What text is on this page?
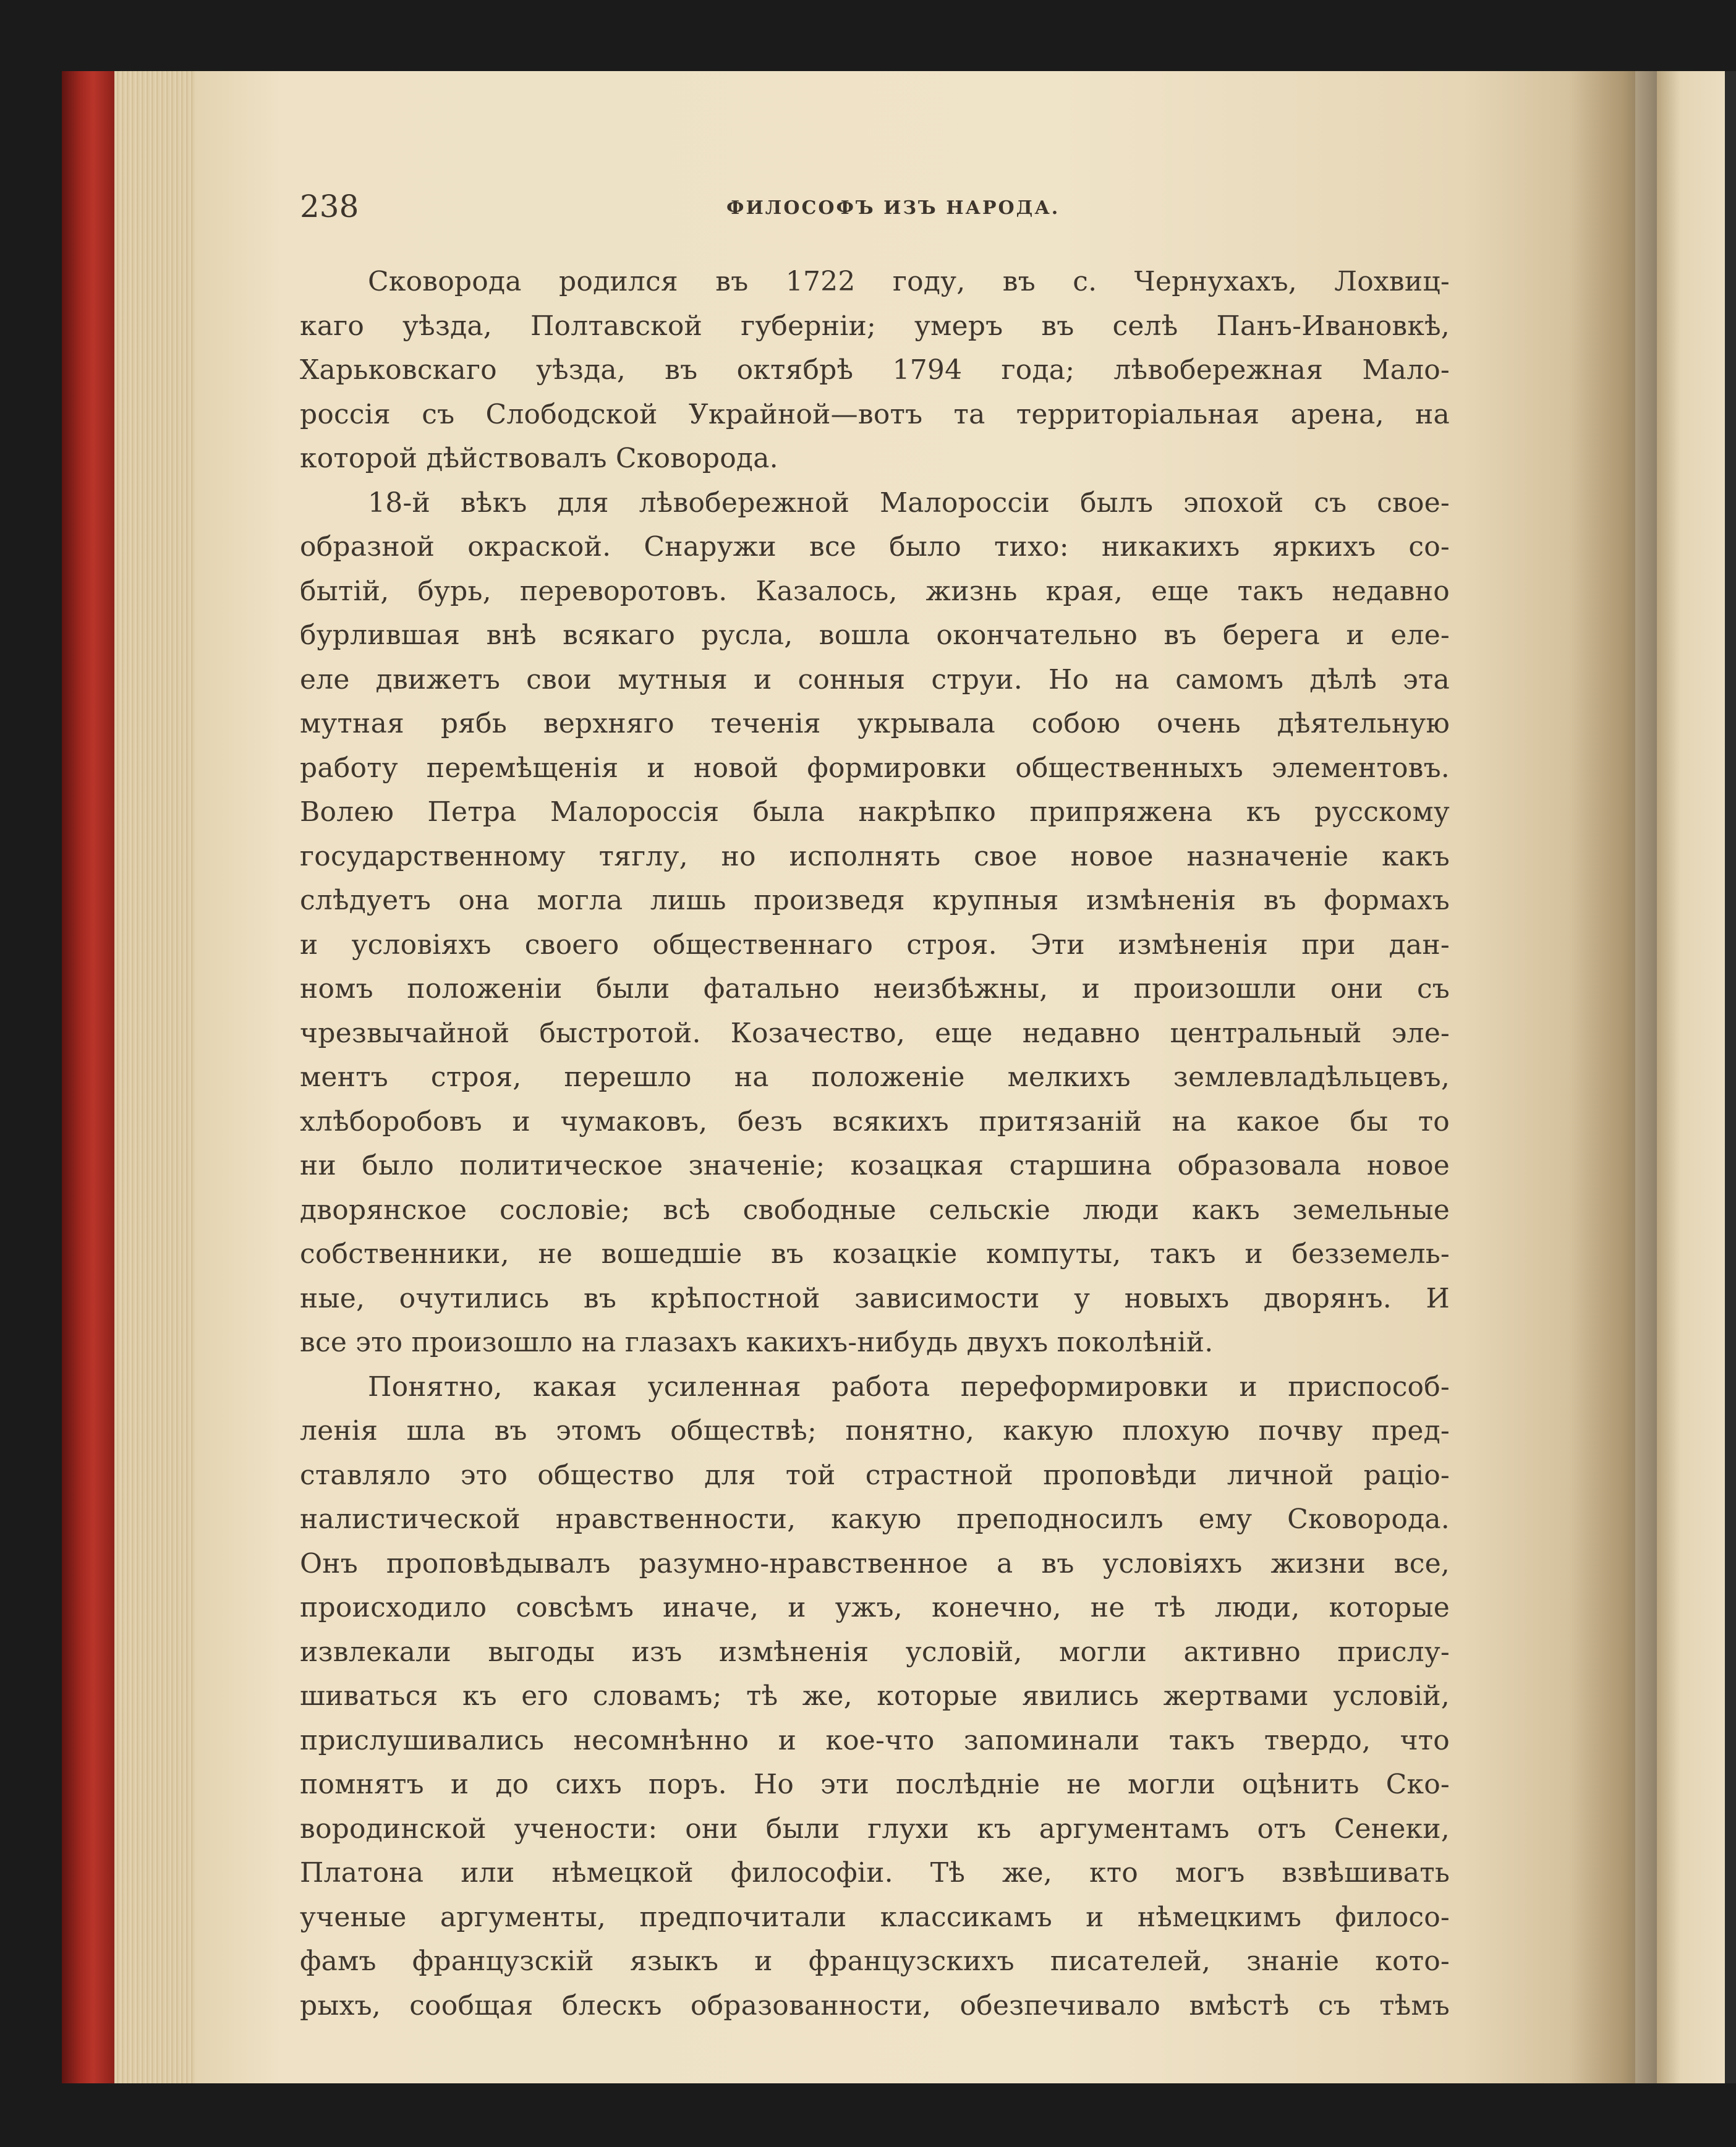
238	ФИЛОСОФЪ ИЗЪ НАРОДА.
Сковорода родился въ 1722 году, въ с. Чернухахъ, Лохвиц-
каго уѣзда, Полтавской губерніи; умеръ въ селѣ Панъ-Ивановкѣ,
Харьковскаго уѣзда, въ октябрѣ 1794 года; лѣвобережная Мало-
россія съ Слободской Украйной—вотъ та территоріальная арена, на
которой дѣйствовалъ Сковорода.
18-й вѣкъ для лѣвобережной Малороссіи былъ эпохой съ свое-
образной окраской. Снаружи все было тихо: никакихъ яркихъ со-
бытій, бурь, переворотовъ. Казалось, жизнь края, еще такъ недавно
бурлившая внѣ всякаго русла, вошла окончательно въ берега и еле-
еле движетъ свои мутныя и сонныя струи. Но на самомъ дѣлѣ эта
мутная рябь верхняго теченія укрывала собою очень дѣятельную
работу перемѣщенія и новой формировки общественныхъ элементовъ.
Волею Петра Малороссія была накрѣпко припряжена къ русскому
государственному тяглу, но исполнять свое новое назначеніе какъ
слѣдуетъ она могла лишь произведя крупныя измѣненія въ формахъ
и условіяхъ своего общественнаго строя. Эти измѣненія при дан-
номъ положеніи были фатально неизбѣжны, и произошли они съ
чрезвычайной быстротой. Козачество, еще недавно центральный эле-
ментъ строя, перешло на положеніе мелкихъ землевладѣльцевъ,
хлѣборобовъ и чумаковъ, безъ всякихъ притязаній на какое бы то
ни было политическое значеніе; козацкая старшина образовала новое
дворянское сословіе; всѣ свободные сельскіе люди какъ земельные
собственники, не вошедшіе въ козацкіе компуты, такъ и безземель-
ные, очутились въ крѣпостной зависимости у новыхъ дворянъ. И
все это произошло на глазахъ какихъ-нибудь двухъ поколѣній.
Понятно, какая усиленная работа переформировки и приспособ-
ленія шла въ этомъ обществѣ; понятно, какую плохую почву пред-
ставляло это общество для той страстной проповѣди личной раціо-
налистической нравственности, какую преподносилъ ему Сковорода.
Онъ проповѣдывалъ разумно-нравственное а въ условіяхъ жизни все,
происходило совсѣмъ иначе, и ужъ, конечно, не тѣ люди, которые
извлекали выгоды изъ измѣненія условій, могли активно прислу-
шиваться къ его словамъ; тѣ же, которые явились жертвами условій,
прислушивались несомнѣнно и кое-что запоминали такъ твердо, что
помнятъ и до сихъ поръ. Но эти послѣдніе не могли оцѣнить Ско-
вородинской учености: они были глухи къ аргументамъ отъ Сенеки,
Платона или нѣмецкой философіи. Тѣ же, кто могъ взвѣшивать
ученые аргументы, предпочитали классикамъ и нѣмецкимъ филосо-
фамъ французскій языкъ и французскихъ писателей, знаніе кото-
рыхъ, сообщая блескъ образованности, обезпечивало вмѣстѣ съ тѣмъ
